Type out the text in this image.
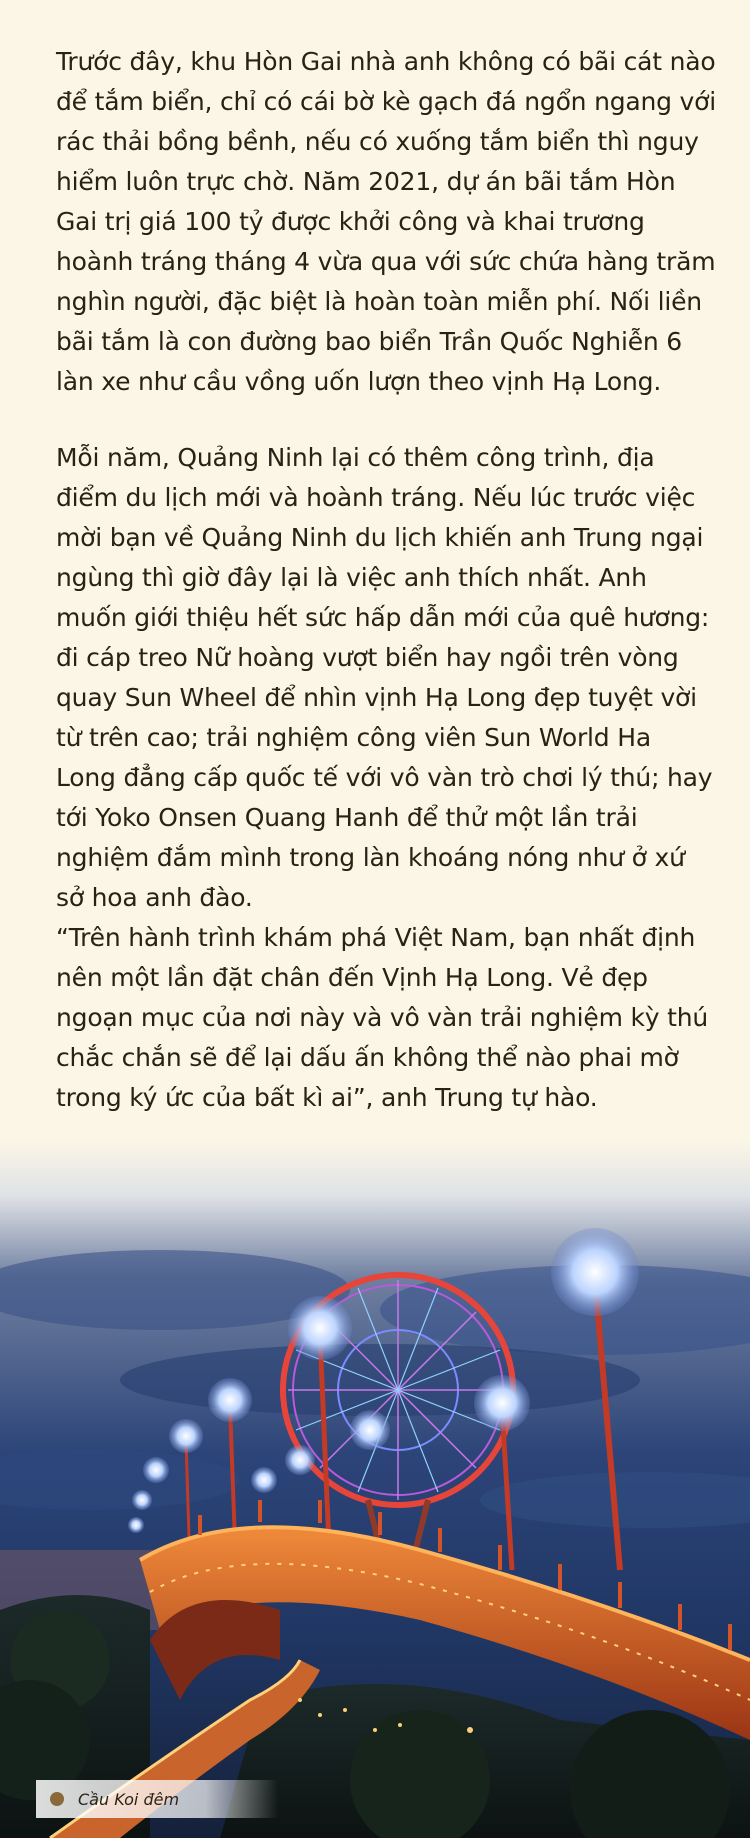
Trước đây, khu Hòn Gai nhà anh không có bãi cát nào để tắm biển, chỉ có cái bờ kè gạch đá ngổn ngang với rác thải bồng bềnh, nếu có xuống tắm biển thì nguy hiểm luôn trực chờ. Năm 2021, dự án bãi tắm Hòn Gai trị giá 100 tỷ được khởi công và khai trương hoành tráng tháng 4 vừa qua với sức chứa hàng trăm nghìn người, đặc biệt là hoàn toàn miễn phí. Nối liền bãi tắm là con đường bao biển Trần Quốc Nghiễn 6 làn xe như cầu vồng uốn lượn theo vịnh Hạ Long.

Mỗi năm, Quảng Ninh lại có thêm công trình, địa điểm du lịch mới và hoành tráng. Nếu lúc trước việc mời bạn về Quảng Ninh du lịch khiến anh Trung ngại ngùng thì giờ đây lại là việc anh thích nhất. Anh muốn giới thiệu hết sức hấp dẫn mới của quê hương: đi cáp treo Nữ hoàng vượt biển hay ngồi trên vòng quay Sun Wheel để nhìn vịnh Hạ Long đẹp tuyệt vời từ trên cao; trải nghiệm công viên Sun World Ha Long đẳng cấp quốc tế với vô vàn trò chơi lý thú; hay tới Yoko Onsen Quang Hanh để thử một lần trải nghiệm đắm mình trong làn khoáng nóng như ở xứ sở hoa anh đào.

“Trên hành trình khám phá Việt Nam, bạn nhất định nên một lần đặt chân đến Vịnh Hạ Long. Vẻ đẹp ngoạn mục của nơi này và vô vàn trải nghiệm kỳ thú chắc chắn sẽ để lại dấu ấn không thể nào phai mờ trong ký ức của bất kì ai”, anh Trung tự hào.

Cầu Koi đêm
